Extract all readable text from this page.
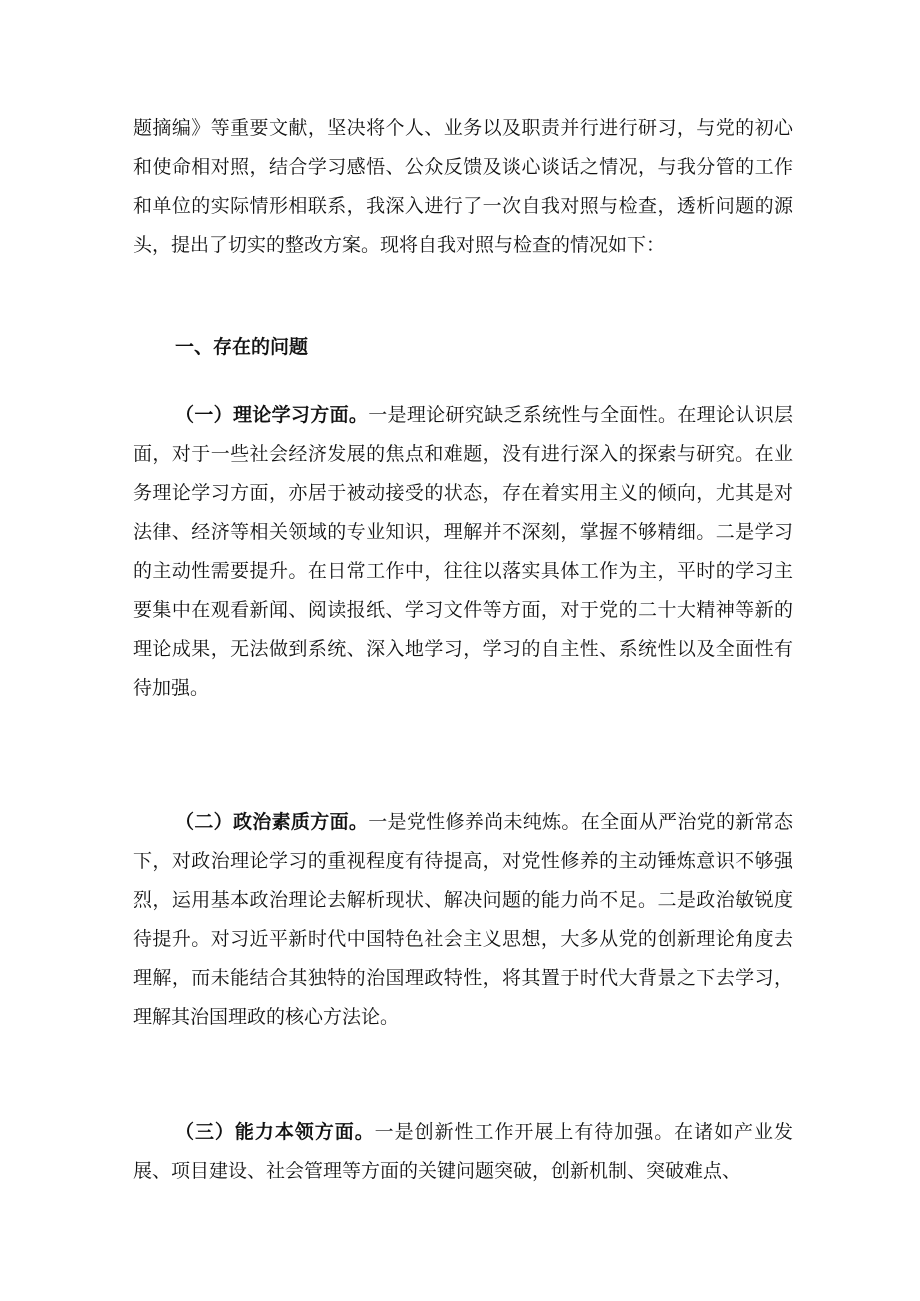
题摘编》等重要文献，坚决将个人、业务以及职责并行进行研习，与党的初心和使命相对照，结合学习感悟、公众反馈及谈心谈话之情况，与我分管的工作和单位的实际情形相联系，我深入进行了一次自我对照与检查，透析问题的源头，提出了切实的整改方案。现将自我对照与检查的情况如下：

一、存在的问题

（一）理论学习方面。一是理论研究缺乏系统性与全面性。在理论认识层面，对于一些社会经济发展的焦点和难题，没有进行深入的探索与研究。在业务理论学习方面，亦居于被动接受的状态，存在着实用主义的倾向，尤其是对法律、经济等相关领域的专业知识，理解并不深刻，掌握不够精细。二是学习的主动性需要提升。在日常工作中，往往以落实具体工作为主，平时的学习主要集中在观看新闻、阅读报纸、学习文件等方面，对于党的二十大精神等新的理论成果，无法做到系统、深入地学习，学习的自主性、系统性以及全面性有待加强。

（二）政治素质方面。一是党性修养尚未纯炼。在全面从严治党的新常态下，对政治理论学习的重视程度有待提高，对党性修养的主动锤炼意识不够强烈，运用基本政治理论去解析现状、解决问题的能力尚不足。二是政治敏锐度待提升。对习近平新时代中国特色社会主义思想，大多从党的创新理论角度去理解，而未能结合其独特的治国理政特性，将其置于时代大背景之下去学习，理解其治国理政的核心方法论。

（三）能力本领方面。一是创新性工作开展上有待加强。在诸如产业发展、项目建设、社会管理等方面的关键问题突破，创新机制、突破难点、
